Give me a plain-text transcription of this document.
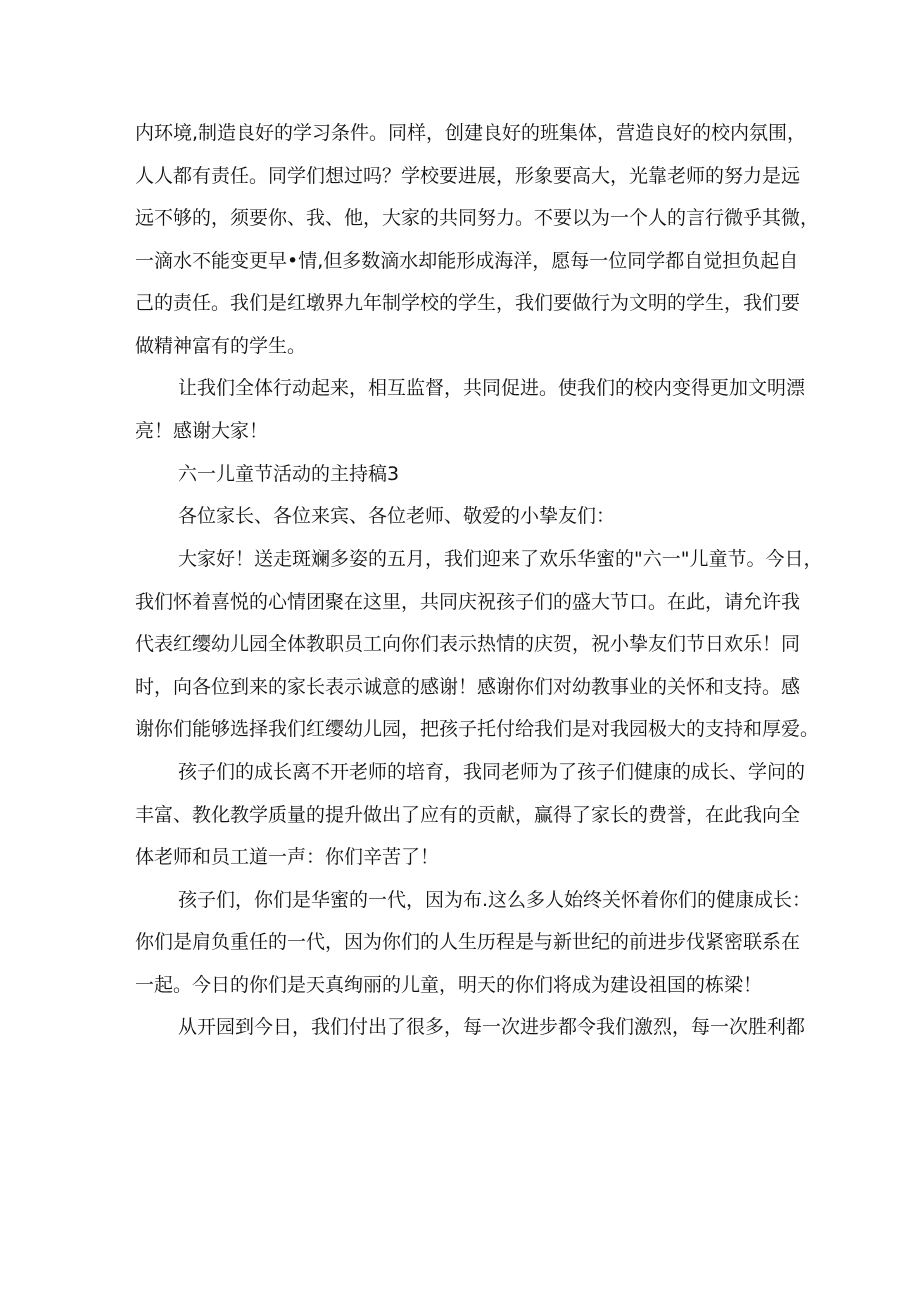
内环境,制造良好的学习条件。同样，创建良好的班集体，营造良好的校内氛围，
人人都有责任。同学们想过吗？学校要进展，形象要高大，光靠老师的努力是远
远不够的，须要你、我、他，大家的共同努力。不要以为一个人的言行微乎其微，
一滴水不能变更早•情,但多数滴水却能形成海洋，愿每一位同学都自觉担负起自
己的责任。我们是红墩界九年制学校的学生，我们要做行为文明的学生，我们要
做精神富有的学生。
让我们全体行动起来，相互监督，共同促进。使我们的校内变得更加文明漂
亮！感谢大家！
六一儿童节活动的主持稿3
各位家长、各位来宾、各位老师、敬爱的小挚友们：
大家好！送走斑斓多姿的五月，我们迎来了欢乐华蜜的"六一"儿童节。今日，
我们怀着喜悦的心情团聚在这里，共同庆祝孩子们的盛大节口。在此，请允许我
代表红缨幼儿园全体教职员工向你们表示热情的庆贺，祝小挚友们节日欢乐！同
时，向各位到来的家长表示诚意的感谢！感谢你们对幼教事业的关怀和支持。感
谢你们能够选择我们红缨幼儿园，把孩子托付给我们是对我园极大的支持和厚爱。
孩子们的成长离不开老师的培育，我同老师为了孩子们健康的成长、学问的
丰富、教化教学质量的提升做出了应有的贡献，赢得了家长的费誉，在此我向全
体老师和员工道一声：你们辛苦了！
孩子们，你们是华蜜的一代，因为布.这么多人始终关怀着你们的健康成长：
你们是肩负重任的一代，因为你们的人生历程是与新世纪的前进步伐紧密联系在
一起。今日的你们是天真绚丽的儿童，明天的你们将成为建设祖国的栋梁！
从开园到今日，我们付出了很多，每一次进步都令我们激烈，每一次胜利都
